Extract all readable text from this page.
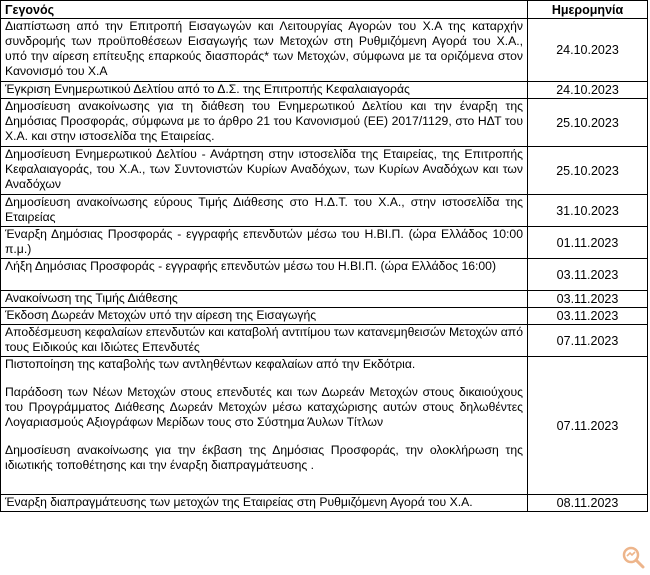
Γεγονός	Ημερομηνία

Διαπίστωση από την Επιτροπή Εισαγωγών και Λειτουργίας Αγορών του Χ.Α της καταρχήν συνδρομής των προϋποθέσεων Εισαγωγής των Μετοχών στη Ρυθμιζόμενη Αγορά του Χ.Α., υπό την αίρεση επίτευξης επαρκούς διασποράς* των Μετοχών, σύμφωνα με τα οριζόμενα στον Κανονισμό του Χ.Α	24.10.2023

Έγκριση Ενημερωτικού Δελτίου από το Δ.Σ. της Επιτροπής Κεφαλαιαγοράς	24.10.2023

Δημοσίευση ανακοίνωσης για τη διάθεση του Ενημερωτικού Δελτίου και την έναρξη της Δημόσιας Προσφοράς, σύμφωνα με το άρθρο 21 του Κανονισμού (ΕΕ) 2017/1129, στο ΗΔΤ του Χ.Α. και στην ιστοσελίδα της Εταιρείας.	25.10.2023

Δημοσίευση Ενημερωτικού Δελτίου - Ανάρτηση στην ιστοσελίδα της Εταιρείας, της Επιτροπής Κεφαλαιαγοράς, του Χ.Α., των Συντονιστών Κυρίων Αναδόχων, των Κυρίων Αναδόχων και των Αναδόχων	25.10.2023

Δημοσίευση ανακοίνωσης εύρους Τιμής Διάθεσης στο Η.Δ.Τ. του Χ.Α., στην ιστοσελίδα της Εταιρείας	31.10.2023

Έναρξη Δημόσιας Προσφοράς - εγγραφής επενδυτών μέσω του Η.ΒΙ.Π. (ώρα Ελλάδος 10:00 π.μ.)	01.11.2023

Λήξη Δημόσιας Προσφοράς - εγγραφής επενδυτών μέσω του Η.ΒΙ.Π. (ώρα Ελλάδος 16:00)	03.11.2023

Ανακοίνωση της Τιμής Διάθεσης	03.11.2023

Έκδοση Δωρεάν Μετοχών υπό την αίρεση της Εισαγωγής	03.11.2023

Αποδέσμευση κεφαλαίων επενδυτών και καταβολή αντιτίμου των κατανεμηθεισών Μετοχών από τους Ειδικούς και Ιδιώτες Επενδυτές	07.11.2023

Πιστοποίηση της καταβολής των αντληθέντων κεφαλαίων από την Εκδότρια.

Παράδοση των Νέων Μετοχών στους επενδυτές και των Δωρεάν Μετοχών στους δικαιούχους του Προγράμματος Διάθεσης Δωρεάν Μετοχών μέσω καταχώρισης αυτών στους δηλωθέντες Λογαριασμούς Αξιογράφων Μερίδων τους στο Σύστημα Άυλων Τίτλων

Δημοσίευση ανακοίνωσης για την έκβαση της Δημόσιας Προσφοράς, την ολοκλήρωση της ιδιωτικής τοποθέτησης και την έναρξη διαπραγμάτευσης .	07.11.2023

Έναρξη διαπραγμάτευσης των μετοχών της Εταιρείας στη Ρυθμιζόμενη Αγορά του Χ.Α.	08.11.2023
